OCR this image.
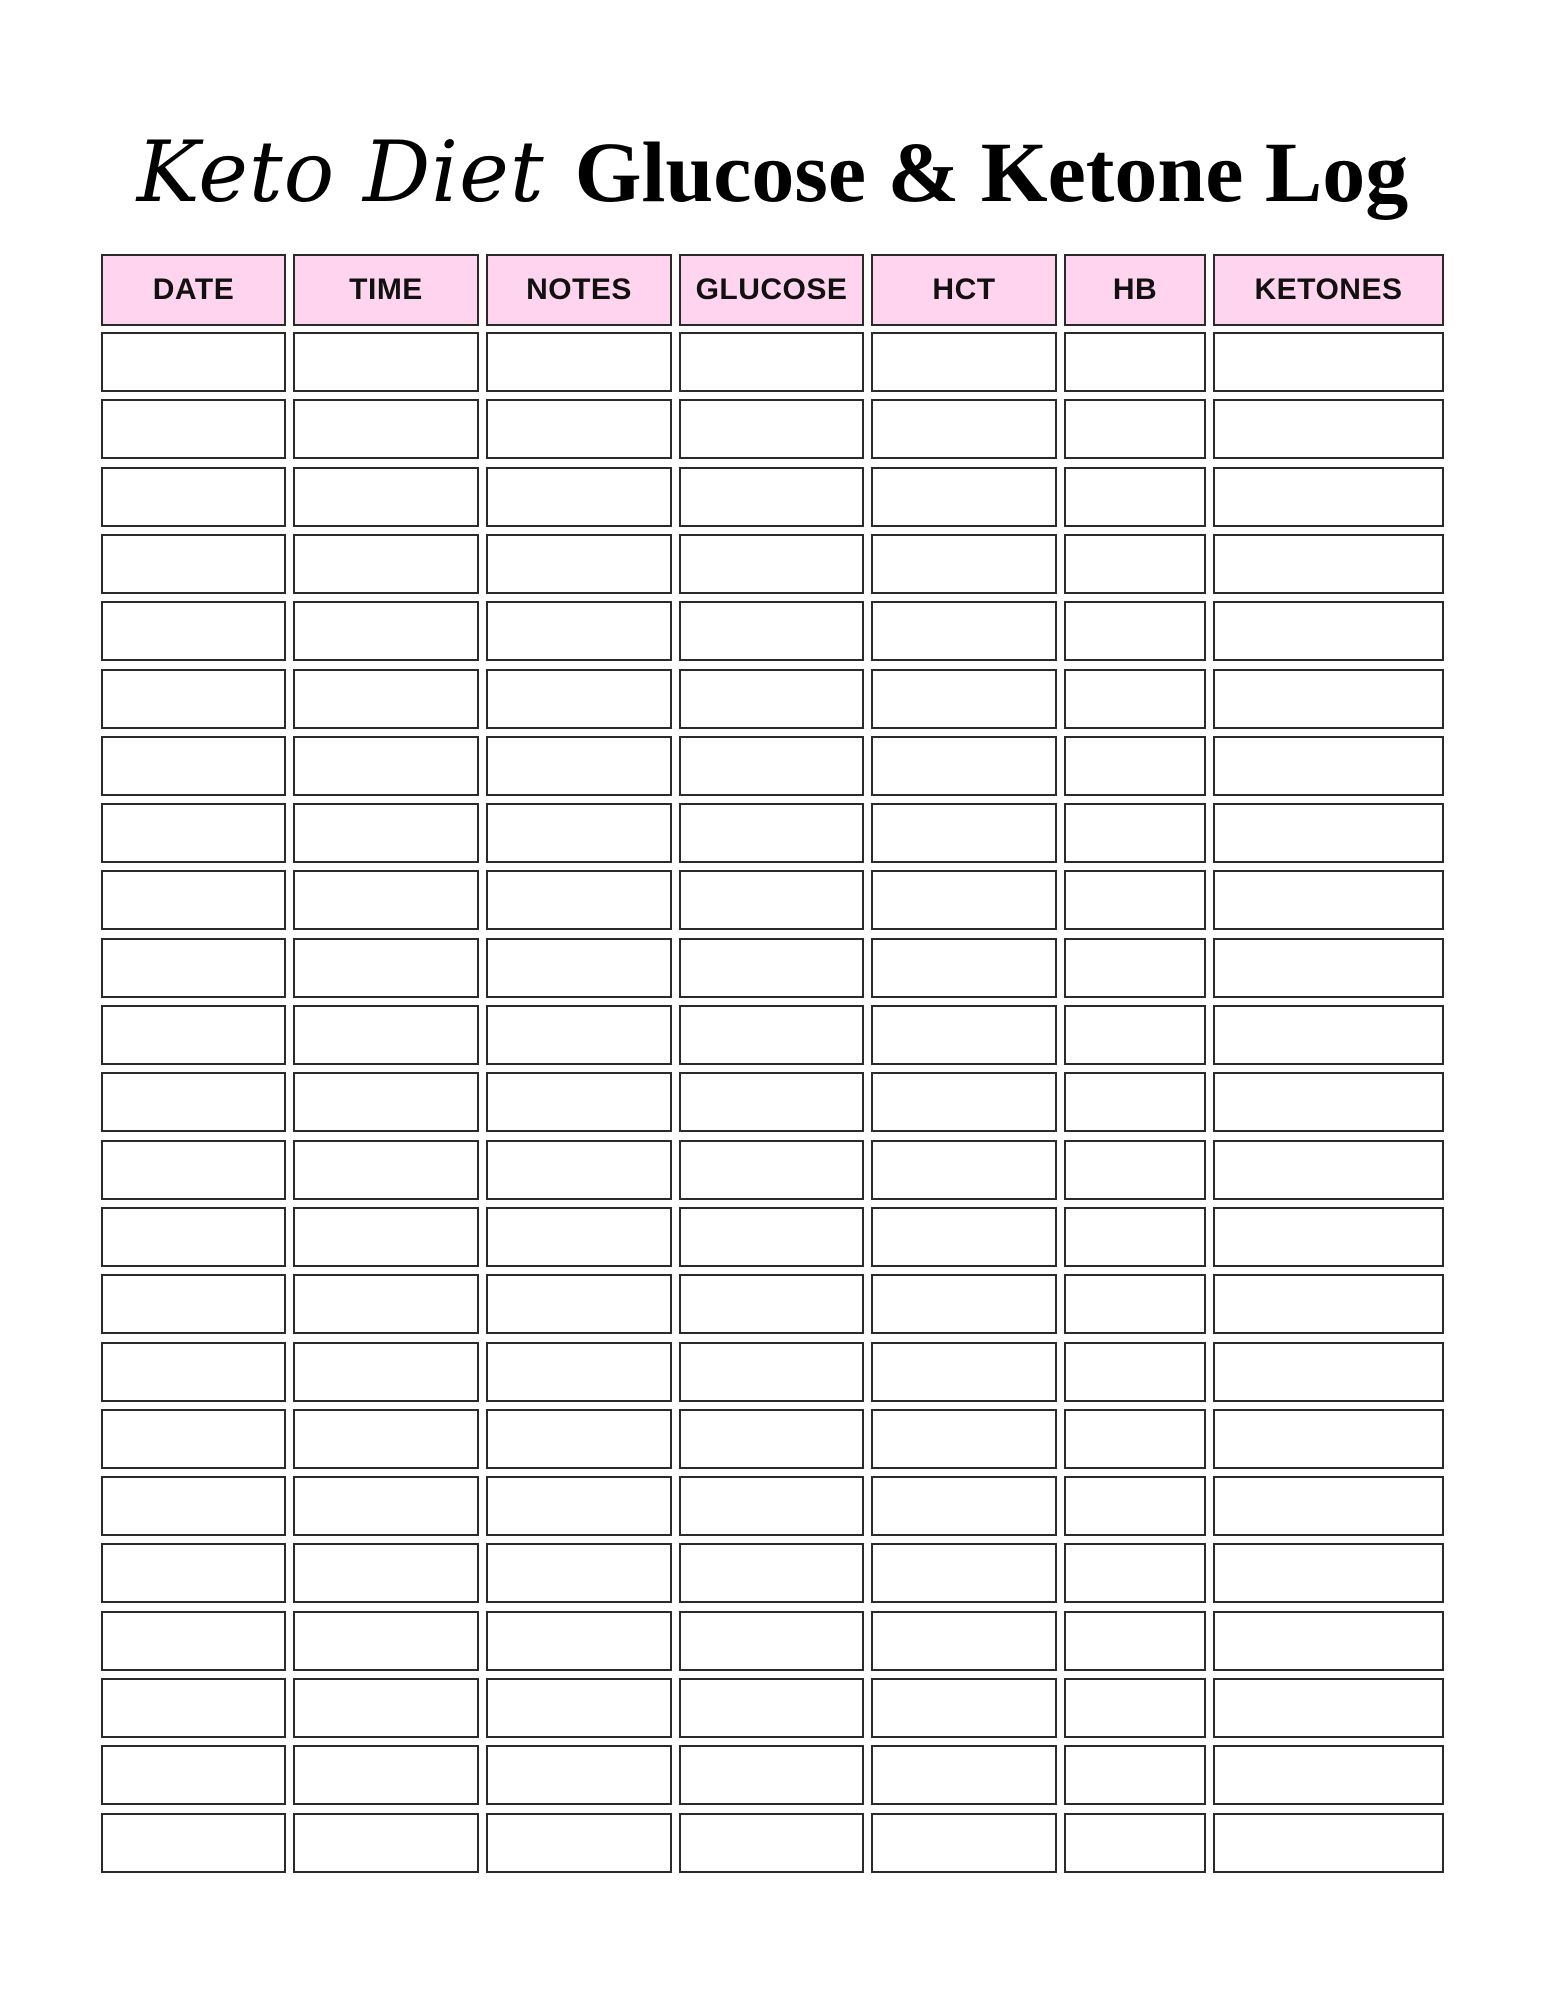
Keto Diet Glucose & Ketone Log
DATE	TIME	NOTES	GLUCOSE	HCT	HB	KETONES
